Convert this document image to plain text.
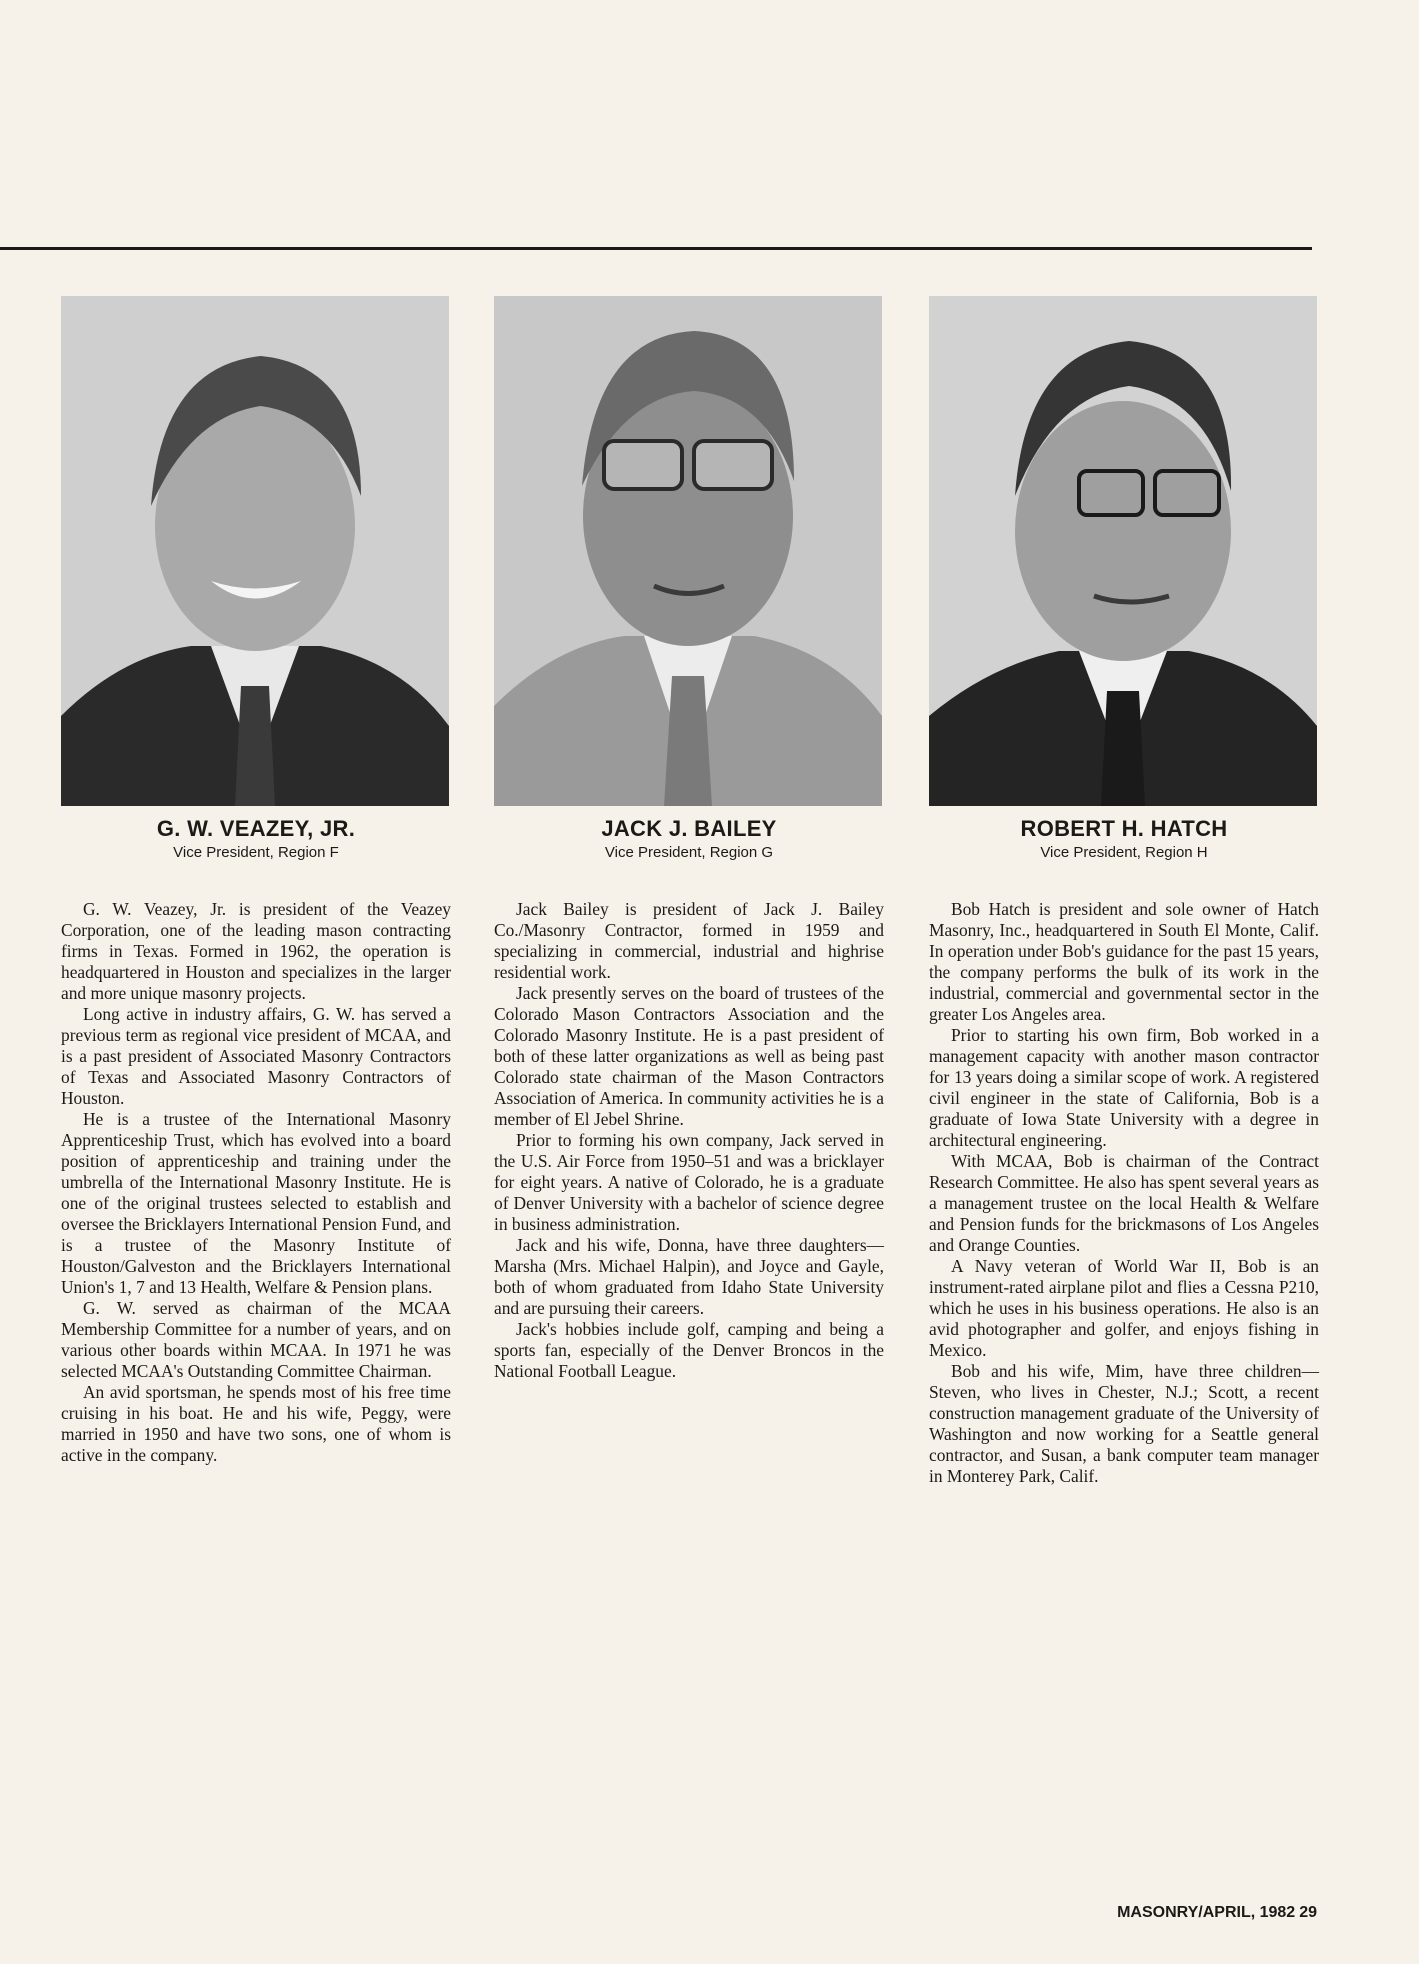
G. W. VEAZEY, JR.
Vice President, Region F

G. W. Veazey, Jr. is president of the Veazey Corporation, one of the leading mason contracting firms in Texas. Formed in 1962, the operation is headquartered in Houston and specializes in the larger and more unique masonry projects.

Long active in industry affairs, G. W. has served a previous term as regional vice president of MCAA, and is a past president of Associated Masonry Contractors of Texas and Associated Masonry Contractors of Houston.

He is a trustee of the International Masonry Apprenticeship Trust, which has evolved into a board position of apprenticeship and training under the umbrella of the International Masonry Institute. He is one of the original trustees selected to establish and oversee the Bricklayers International Pension Fund, and is a trustee of the Masonry Institute of Houston/Galveston and the Bricklayers International Union's 1, 7 and 13 Health, Welfare & Pension plans.

G. W. served as chairman of the MCAA Membership Committee for a number of years, and on various other boards within MCAA. In 1971 he was selected MCAA's Outstanding Committee Chairman.

An avid sportsman, he spends most of his free time cruising in his boat. He and his wife, Peggy, were married in 1950 and have two sons, one of whom is active in the company.

JACK J. BAILEY
Vice President, Region G

Jack Bailey is president of Jack J. Bailey Co./Masonry Contractor, formed in 1959 and specializing in commercial, industrial and highrise residential work.

Jack presently serves on the board of trustees of the Colorado Mason Contractors Association and the Colorado Masonry Institute. He is a past president of both of these latter organizations as well as being past Colorado state chairman of the Mason Contractors Association of America. In community activities he is a member of El Jebel Shrine.

Prior to forming his own company, Jack served in the U.S. Air Force from 1950–51 and was a bricklayer for eight years. A native of Colorado, he is a graduate of Denver University with a bachelor of science degree in business administration.

Jack and his wife, Donna, have three daughters—Marsha (Mrs. Michael Halpin), and Joyce and Gayle, both of whom graduated from Idaho State University and are pursuing their careers.

Jack's hobbies include golf, camping and being a sports fan, especially of the Denver Broncos in the National Football League.

ROBERT H. HATCH
Vice President, Region H

Bob Hatch is president and sole owner of Hatch Masonry, Inc., headquartered in South El Monte, Calif. In operation under Bob's guidance for the past 15 years, the company performs the bulk of its work in the industrial, commercial and governmental sector in the greater Los Angeles area.

Prior to starting his own firm, Bob worked in a management capacity with another mason contractor for 13 years doing a similar scope of work. A registered civil engineer in the state of California, Bob is a graduate of Iowa State University with a degree in architectural engineering.

With MCAA, Bob is chairman of the Contract Research Committee. He also has spent several years as a management trustee on the local Health & Welfare and Pension funds for the brickmasons of Los Angeles and Orange Counties.

A Navy veteran of World War II, Bob is an instrument-rated airplane pilot and flies a Cessna P210, which he uses in his business operations. He also is an avid photographer and golfer, and enjoys fishing in Mexico.

Bob and his wife, Mim, have three children—Steven, who lives in Chester, N.J.; Scott, a recent construction management graduate of the University of Washington and now working for a Seattle general contractor, and Susan, a bank computer team manager in Monterey Park, Calif.

MASONRY/APRIL, 1982 29
